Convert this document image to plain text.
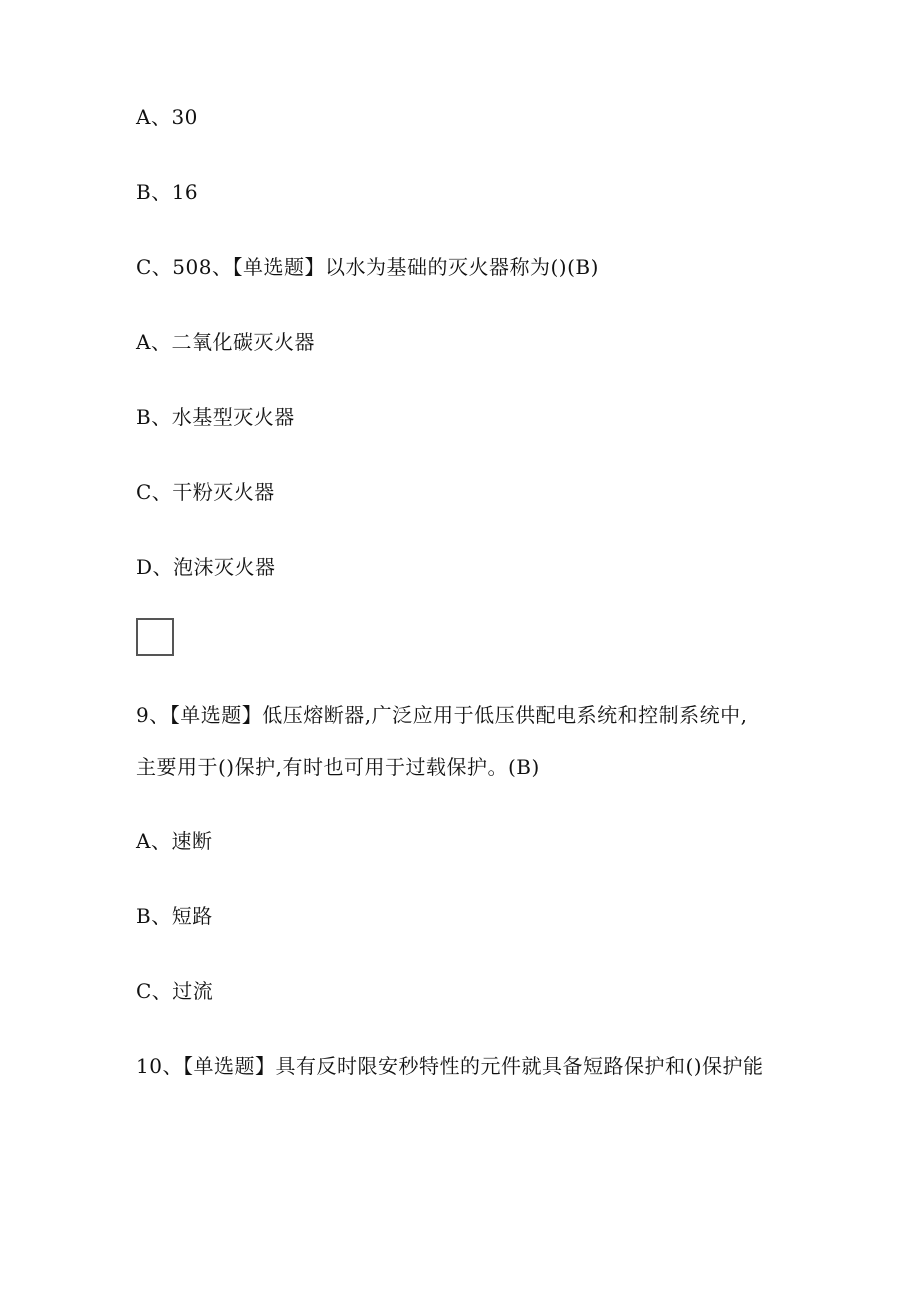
A、30
B、16
C、508、【单选题】以水为基础的灭火器称为()(B)
A、二氧化碳灭火器
B、水基型灭火器
C、干粉灭火器
D、泡沫灭火器
9、【单选题】低压熔断器,广泛应用于低压供配电系统和控制系统中,
主要用于()保护,有时也可用于过载保护。(B)
A、速断
B、短路
C、过流
10、【单选题】具有反时限安秒特性的元件就具备短路保护和()保护能
